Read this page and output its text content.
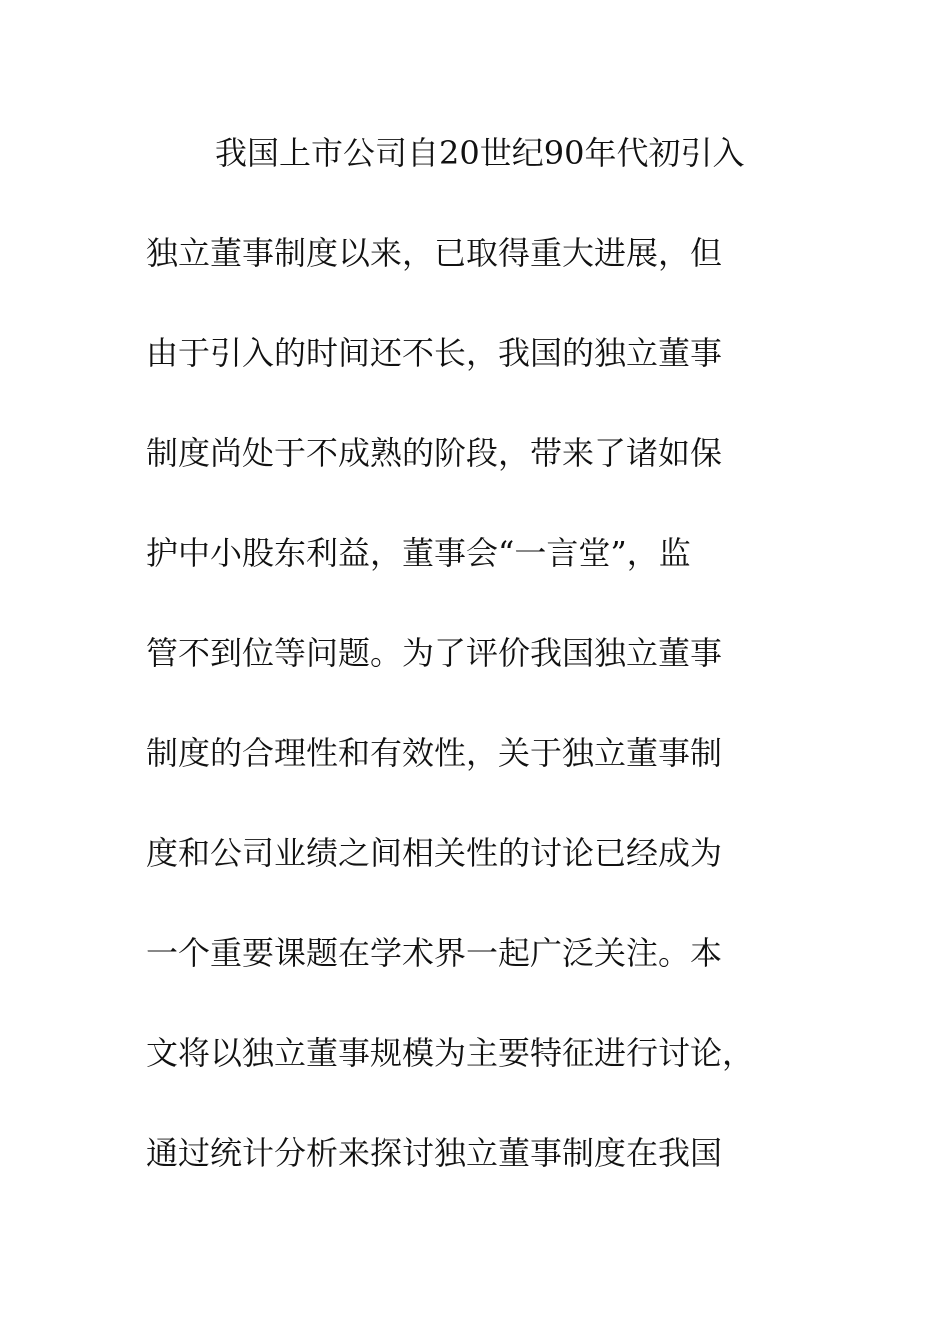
我国上市公司自20世纪90年代初引入
独立董事制度以来，已取得重大进展，但
由于引入的时间还不长，我国的独立董事
制度尚处于不成熟的阶段，带来了诸如保
护中小股东利益，董事会“一言堂”，监
管不到位等问题。为了评价我国独立董事
制度的合理性和有效性，关于独立董事制
度和公司业绩之间相关性的讨论已经成为
一个重要课题在学术界一起广泛关注。本
文将以独立董事规模为主要特征进行讨论，
通过统计分析来探讨独立董事制度在我国
